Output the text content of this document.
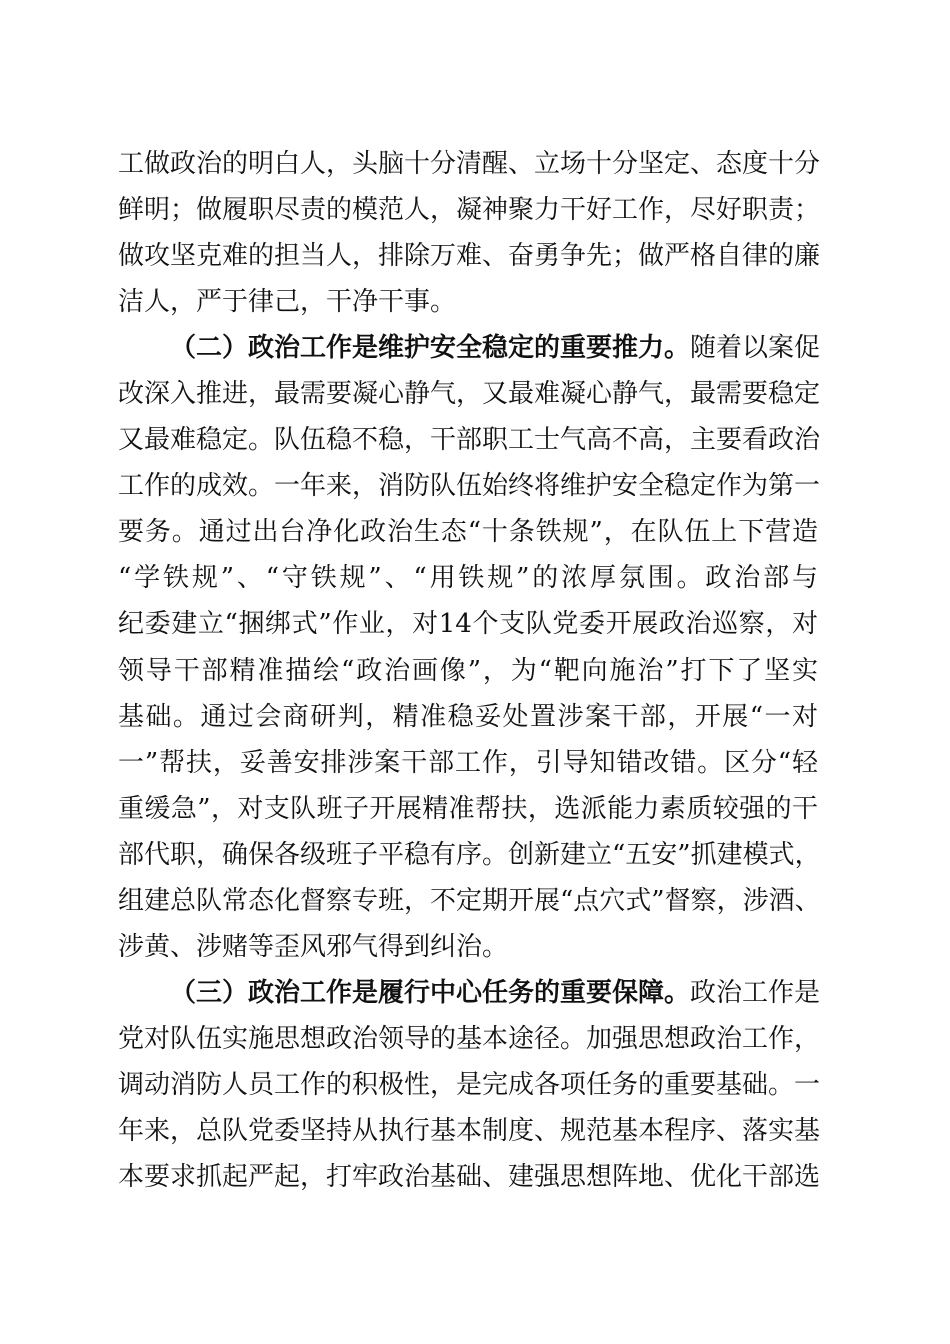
工做政治的明白人，头脑十分清醒、立场十分坚定、态度十分
鲜明；做履职尽责的模范人，凝神聚力干好工作，尽好职责；
做攻坚克难的担当人，排除万难、奋勇争先；做严格自律的廉
洁人，严于律己，干净干事。
（二）政治工作是维护安全稳定的重要推力。随着以案促
改深入推进，最需要凝心静气，又最难凝心静气，最需要稳定
又最难稳定。队伍稳不稳，干部职工士气高不高，主要看政治
工作的成效。一年来，消防队伍始终将维护安全稳定作为第一
要务。通过出台净化政治生态“十条铁规”，在队伍上下营造
“学铁规”、“守铁规”、“用铁规”的浓厚氛围。政治部与
纪委建立“捆绑式”作业，对14个支队党委开展政治巡察，对
领导干部精准描绘“政治画像”，为“靶向施治”打下了坚实
基础。通过会商研判，精准稳妥处置涉案干部，开展“一对
一”帮扶，妥善安排涉案干部工作，引导知错改错。区分“轻
重缓急”，对支队班子开展精准帮扶，选派能力素质较强的干
部代职，确保各级班子平稳有序。创新建立“五安”抓建模式，
组建总队常态化督察专班，不定期开展“点穴式”督察，涉酒、
涉黄、涉赌等歪风邪气得到纠治。
（三）政治工作是履行中心任务的重要保障。政治工作是
党对队伍实施思想政治领导的基本途径。加强思想政治工作，
调动消防人员工作的积极性，是完成各项任务的重要基础。一
年来，总队党委坚持从执行基本制度、规范基本程序、落实基
本要求抓起严起，打牢政治基础、建强思想阵地、优化干部选
